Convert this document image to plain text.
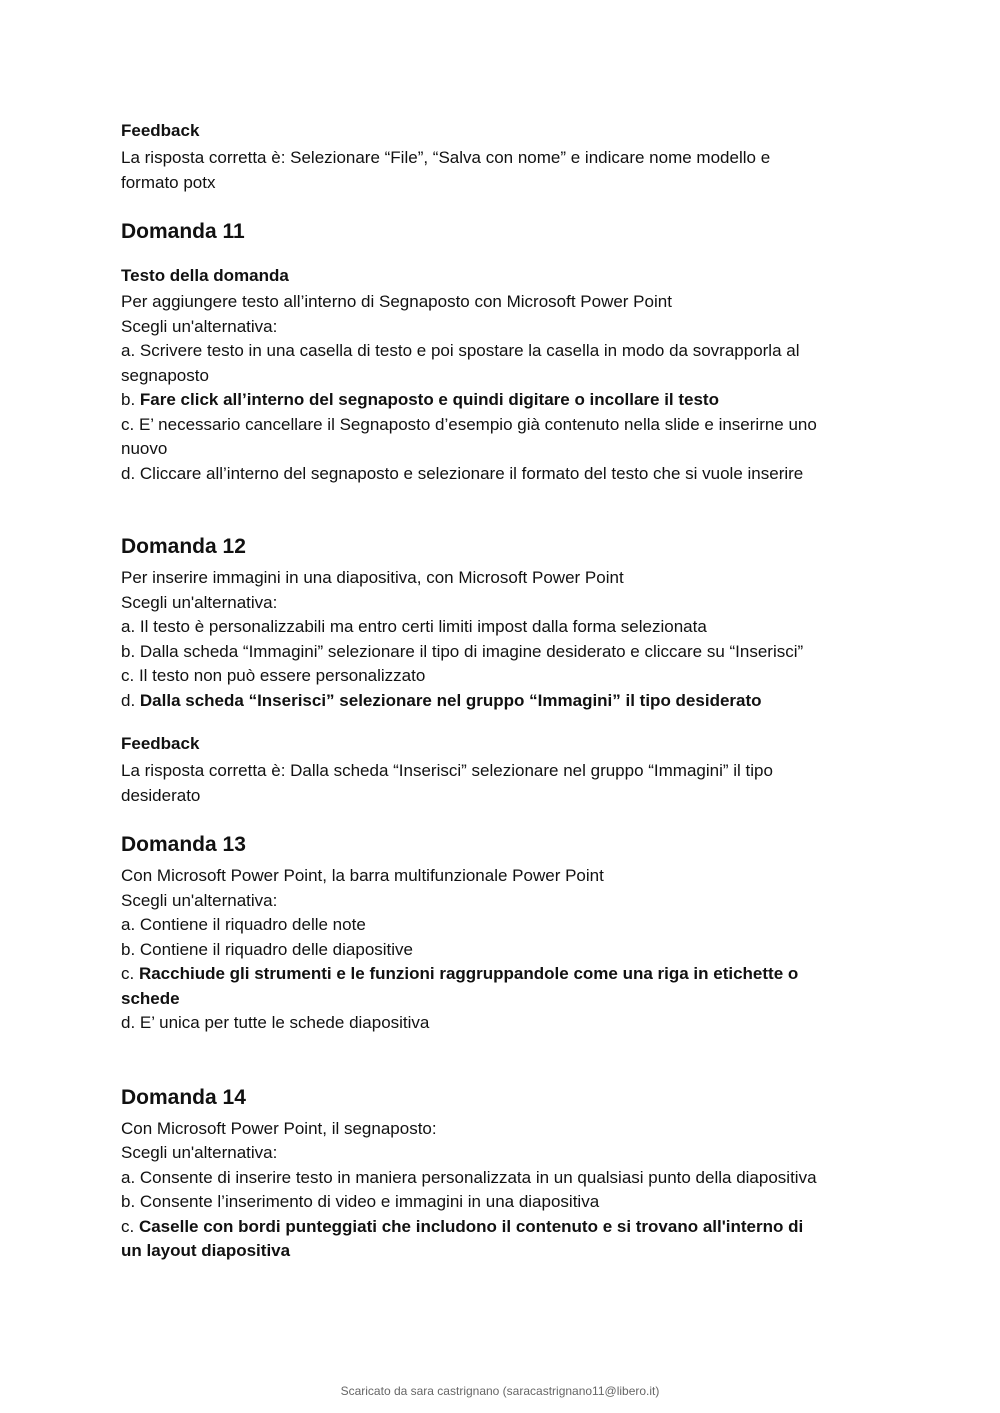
Feedback

La risposta corretta è: Selezionare “File”, “Salva con nome” e indicare nome modello e
formato potx
Domanda 11

Testo della domanda

Per aggiungere testo all’interno di Segnaposto con Microsoft Power Point
Scegli un'alternativa:
a. Scrivere testo in una casella di testo e poi spostare la casella in modo da sovrapporla al
segnaposto
b. Fare click all’interno del segnaposto e quindi digitare o incollare il testo
c. E’ necessario cancellare il Segnaposto d’esempio già contenuto nella slide e inserirne uno
nuovo
d. Cliccare all’interno del segnaposto e selezionare il formato del testo che si vuole inserire
Domanda 12
Per inserire immagini in una diapositiva, con Microsoft Power Point
Scegli un'alternativa:
a. Il testo è personalizzabili ma entro certi limiti impost dalla forma selezionata
b. Dalla scheda “Immagini” selezionare il tipo di imagine desiderato e cliccare su “Inserisci”
c. Il testo non può essere personalizzato
d. Dalla scheda “Inserisci” selezionare nel gruppo “Immagini” il tipo desiderato

Feedback

La risposta corretta è: Dalla scheda “Inserisci” selezionare nel gruppo “Immagini” il tipo
desiderato
Domanda 13
Con Microsoft Power Point, la barra multifunzionale Power Point
Scegli un'alternativa:
a. Contiene il riquadro delle note
b. Contiene il riquadro delle diapositive
c. Racchiude gli strumenti e le funzioni raggruppandole come una riga in etichette o
schede
d. E’ unica per tutte le schede diapositiva
Domanda 14
Con Microsoft Power Point, il segnaposto:
Scegli un'alternativa:
a. Consente di inserire testo in maniera personalizzata in un qualsiasi punto della diapositiva
b. Consente l’inserimento di video e immagini in una diapositiva
c. Caselle con bordi punteggiati che includono il contenuto e si trovano all'interno di
un layout diapositiva
Scaricato da sara castrignano (saracastrignano11@libero.it)
